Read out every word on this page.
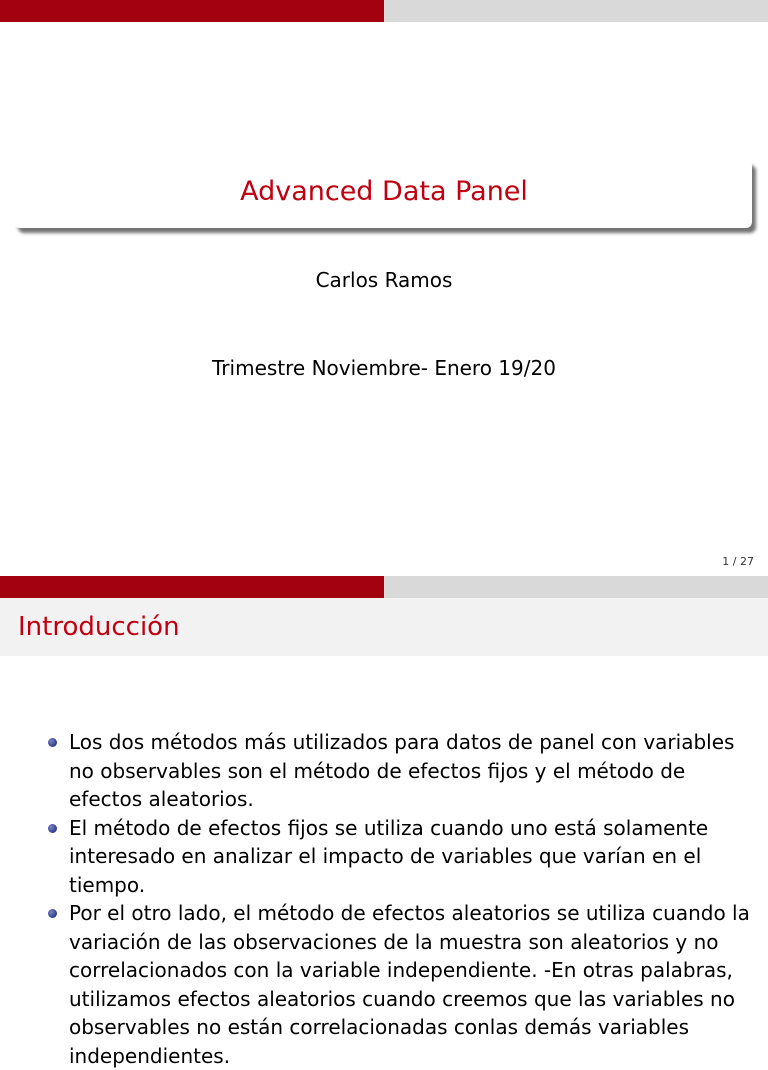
Advanced Data Panel
Carlos Ramos
Trimestre Noviembre- Enero 19/20
1 / 27
Introducción
Los dos métodos más utilizados para datos de panel con variables no observables son el método de efectos fijos y el método de efectos aleatorios.
El método de efectos fijos se utiliza cuando uno está solamente interesado en analizar el impacto de variables que varían en el tiempo.
Por el otro lado, el método de efectos aleatorios se utiliza cuando la variación de las observaciones de la muestra son aleatorios y no correlacionados con la variable independiente. -En otras palabras, utilizamos efectos aleatorios cuando creemos que las variables no observables no están correlacionadas conlas demás variables independientes.
